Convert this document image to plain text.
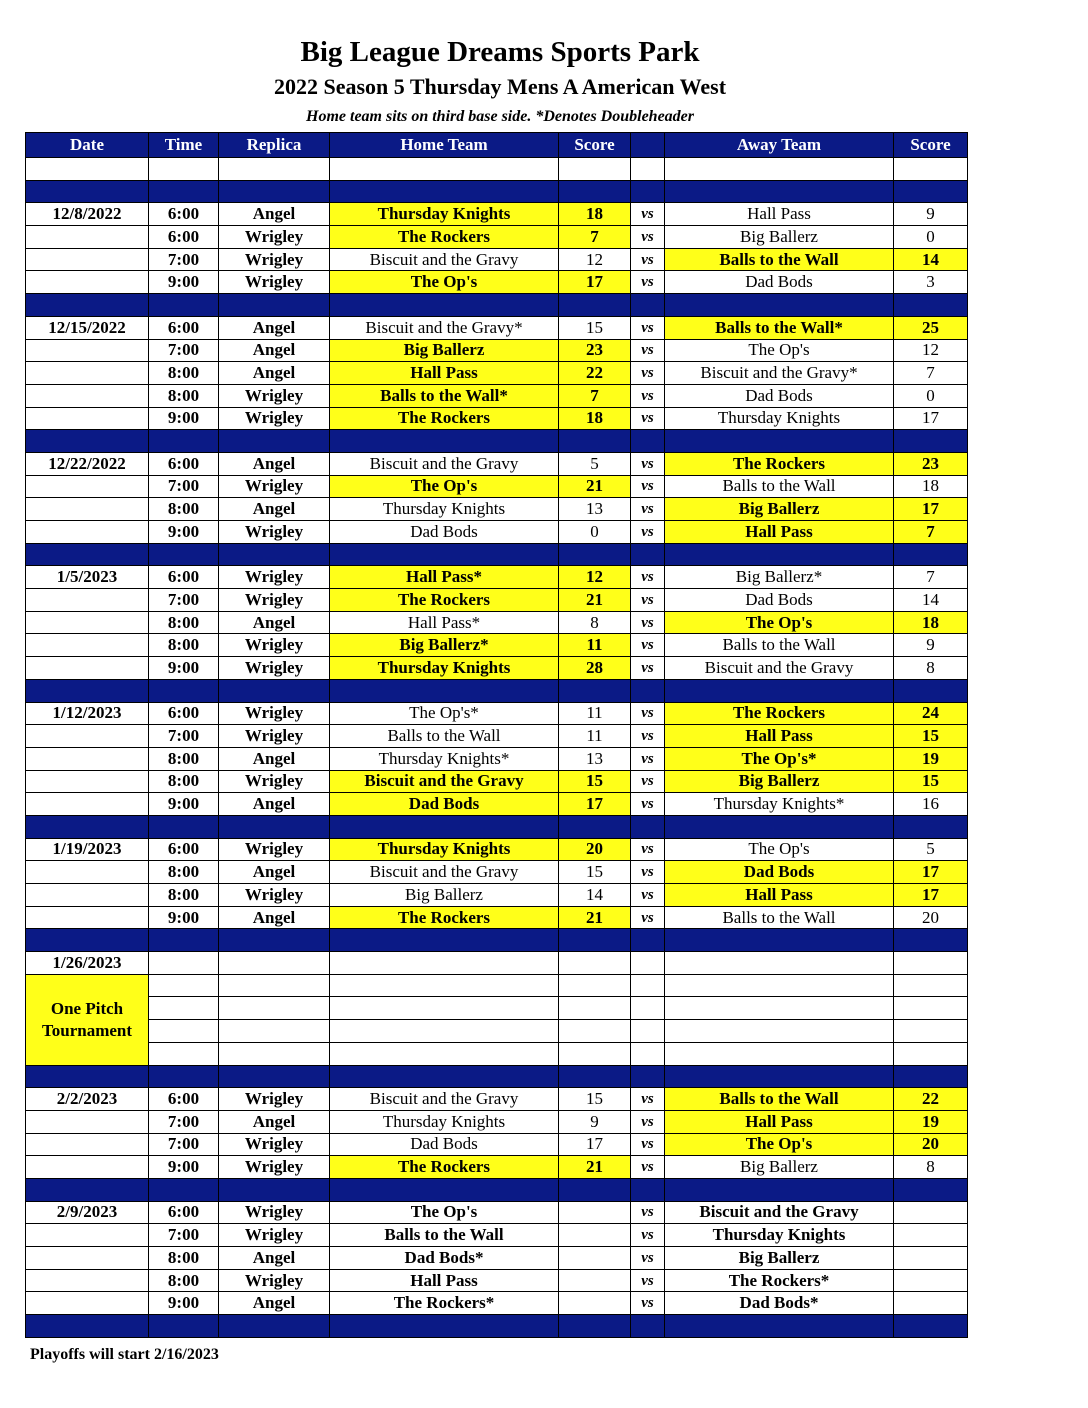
Big League Dreams Sports Park
2022 Season 5 Thursday Mens A American West
Home team sits on third base side. *Denotes Doubleheader
Date	Time	Replica	Home Team	Score		Away Team	Score

12/8/2022	6:00	Angel	Thursday Knights	18	vs	Hall Pass	9
	6:00	Wrigley	The Rockers	7	vs	Big Ballerz	0
	7:00	Wrigley	Biscuit and the Gravy	12	vs	Balls to the Wall	14
	9:00	Wrigley	The Op's	17	vs	Dad Bods	3

12/15/2022	6:00	Angel	Biscuit and the Gravy*	15	vs	Balls to the Wall*	25
	7:00	Angel	Big Ballerz	23	vs	The Op's	12
	8:00	Angel	Hall Pass	22	vs	Biscuit and the Gravy*	7
	8:00	Wrigley	Balls to the Wall*	7	vs	Dad Bods	0
	9:00	Wrigley	The Rockers	18	vs	Thursday Knights	17

12/22/2022	6:00	Angel	Biscuit and the Gravy	5	vs	The Rockers	23
	7:00	Wrigley	The Op's	21	vs	Balls to the Wall	18
	8:00	Angel	Thursday Knights	13	vs	Big Ballerz	17
	9:00	Wrigley	Dad Bods	0	vs	Hall Pass	7

1/5/2023	6:00	Wrigley	Hall Pass*	12	vs	Big Ballerz*	7
	7:00	Wrigley	The Rockers	21	vs	Dad Bods	14
	8:00	Angel	Hall Pass*	8	vs	The Op's	18
	8:00	Wrigley	Big Ballerz*	11	vs	Balls to the Wall	9
	9:00	Wrigley	Thursday Knights	28	vs	Biscuit and the Gravy	8

1/12/2023	6:00	Wrigley	The Op's*	11	vs	The Rockers	24
	7:00	Wrigley	Balls to the Wall	11	vs	Hall Pass	15
	8:00	Angel	Thursday Knights*	13	vs	The Op's*	19
	8:00	Wrigley	Biscuit and the Gravy	15	vs	Big Ballerz	15
	9:00	Angel	Dad Bods	17	vs	Thursday Knights*	16

1/19/2023	6:00	Wrigley	Thursday Knights	20	vs	The Op's	5
	8:00	Angel	Biscuit and the Gravy	15	vs	Dad Bods	17
	8:00	Wrigley	Big Ballerz	14	vs	Hall Pass	17
	9:00	Angel	The Rockers	21	vs	Balls to the Wall	20

1/26/2023							
One Pitch Tournament							

2/2/2023	6:00	Wrigley	Biscuit and the Gravy	15	vs	Balls to the Wall	22
	7:00	Angel	Thursday Knights	9	vs	Hall Pass	19
	7:00	Wrigley	Dad Bods	17	vs	The Op's	20
	9:00	Wrigley	The Rockers	21	vs	Big Ballerz	8

2/9/2023	6:00	Wrigley	The Op's		vs	Biscuit and the Gravy	
	7:00	Wrigley	Balls to the Wall		vs	Thursday Knights	
	8:00	Angel	Dad Bods*		vs	Big Ballerz	
	8:00	Wrigley	Hall Pass		vs	The Rockers*	
	9:00	Angel	The Rockers*		vs	Dad Bods*	

Playoffs will start 2/16/2023
